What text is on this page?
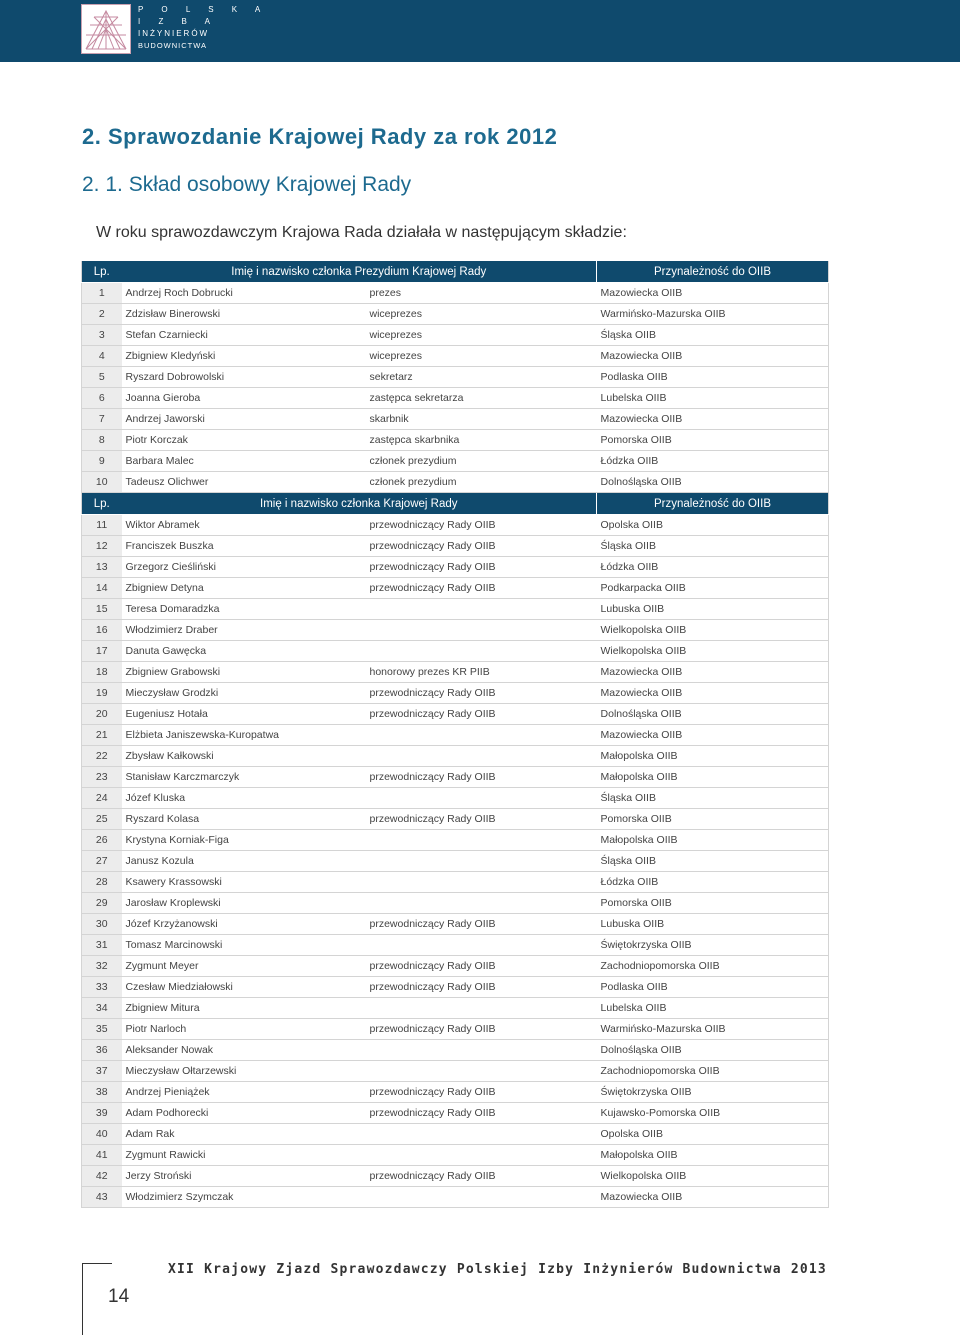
P O L S K A
I Z B A
INŻYNIERÓW
BUDOWNICTWA
2. Sprawozdanie Krajowej Rady za rok 2012
2. 1. Skład osobowy Krajowej Rady

W roku sprawozdawczym Krajowa Rada działała w następującym składzie:

Lp.	Imię i nazwisko członka Prezydium Krajowej Rady		Przynależność do OIIB
1	Andrzej Roch Dobrucki	prezes	Mazowiecka OIIB
2	Zdzisław Binerowski	wiceprezes	Warmińsko-Mazurska OIIB
3	Stefan Czarniecki	wiceprezes	Śląska OIIB
4	Zbigniew Kledyński	wiceprezes	Mazowiecka OIIB
5	Ryszard Dobrowolski	sekretarz	Podlaska OIIB
6	Joanna Gieroba	zastępca sekretarza	Lubelska OIIB
7	Andrzej Jaworski	skarbnik	Mazowiecka OIIB
8	Piotr Korczak	zastępca skarbnika	Pomorska OIIB
9	Barbara Malec	członek prezydium	Łódzka OIIB
10	Tadeusz Olichwer	członek prezydium	Dolnośląska OIIB
Lp.	Imię i nazwisko członka Krajowej Rady		Przynależność do OIIB
11	Wiktor Abramek	przewodniczący Rady OIIB	Opolska OIIB
12	Franciszek Buszka	przewodniczący Rady OIIB	Śląska OIIB
13	Grzegorz Cieśliński	przewodniczący Rady OIIB	Łódzka OIIB
14	Zbigniew Detyna	przewodniczący Rady OIIB	Podkarpacka OIIB
15	Teresa Domaradzka		Lubuska OIIB
16	Włodzimierz Draber		Wielkopolska OIIB
17	Danuta Gawęcka		Wielkopolska OIIB
18	Zbigniew Grabowski	honorowy prezes KR PIIB	Mazowiecka OIIB
19	Mieczysław Grodzki	przewodniczący Rady OIIB	Mazowiecka OIIB
20	Eugeniusz Hotała	przewodniczący Rady OIIB	Dolnośląska OIIB
21	Elżbieta Janiszewska-Kuropatwa		Mazowiecka OIIB
22	Zbysław Kałkowski		Małopolska OIIB
23	Stanisław Karczmarczyk	przewodniczący Rady OIIB	Małopolska OIIB
24	Józef Kluska		Śląska OIIB
25	Ryszard Kolasa	przewodniczący Rady OIIB	Pomorska OIIB
26	Krystyna Korniak-Figa		Małopolska OIIB
27	Janusz Kozula		Śląska OIIB
28	Ksawery Krassowski		Łódzka OIIB
29	Jarosław Kroplewski		Pomorska OIIB
30	Józef Krzyżanowski	przewodniczący Rady OIIB	Lubuska OIIB
31	Tomasz Marcinowski		Świętokrzyska OIIB
32	Zygmunt Meyer	przewodniczący Rady OIIB	Zachodniopomorska OIIB
33	Czesław Miedziałowski	przewodniczący Rady OIIB	Podlaska OIIB
34	Zbigniew Mitura		Lubelska OIIB
35	Piotr Narloch	przewodniczący Rady OIIB	Warmińsko-Mazurska OIIB
36	Aleksander Nowak		Dolnośląska OIIB
37	Mieczysław Ołtarzewski		Zachodniopomorska OIIB
38	Andrzej Pieniążek	przewodniczący Rady OIIB	Świętokrzyska OIIB
39	Adam Podhorecki	przewodniczący Rady OIIB	Kujawsko-Pomorska OIIB
40	Adam Rak		Opolska OIIB
41	Zygmunt Rawicki		Małopolska OIIB
42	Jerzy Stroński	przewodniczący Rady OIIB	Wielkopolska OIIB
43	Włodzimierz Szymczak		Mazowiecka OIIB
14
XII Krajowy Zjazd Sprawozdawczy Polskiej Izby Inżynierów Budownictwa 2013
